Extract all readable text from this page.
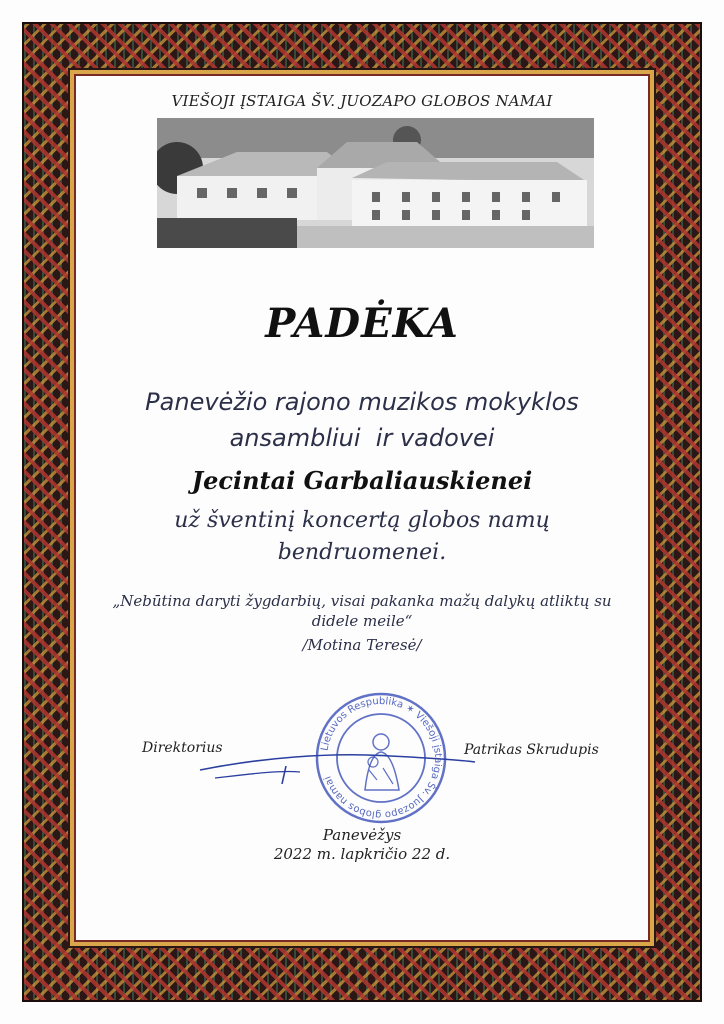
VIEŠOJI ĮSTAIGA ŠV. JUOZAPO GLOBOS NAMAI
PADĖKA
Panevėžio rajono muzikos mokyklos
ansambliui  ir vadovei
Jecintai Garbaliauskienei
už šventinį koncertą globos namų
bendruomenei.
„Nebūtina daryti žygdarbių, visai pakanka mažų dalykų atliktų su
didele meile“
/Motina Teresė/
Direktorius	Lietuvos Respublika ✶ Viešoji įstaiga Šv. Juozapo globos namai
Patrikas Skrudupis
Panevėžys
2022 m. lapkričio 22 d.
